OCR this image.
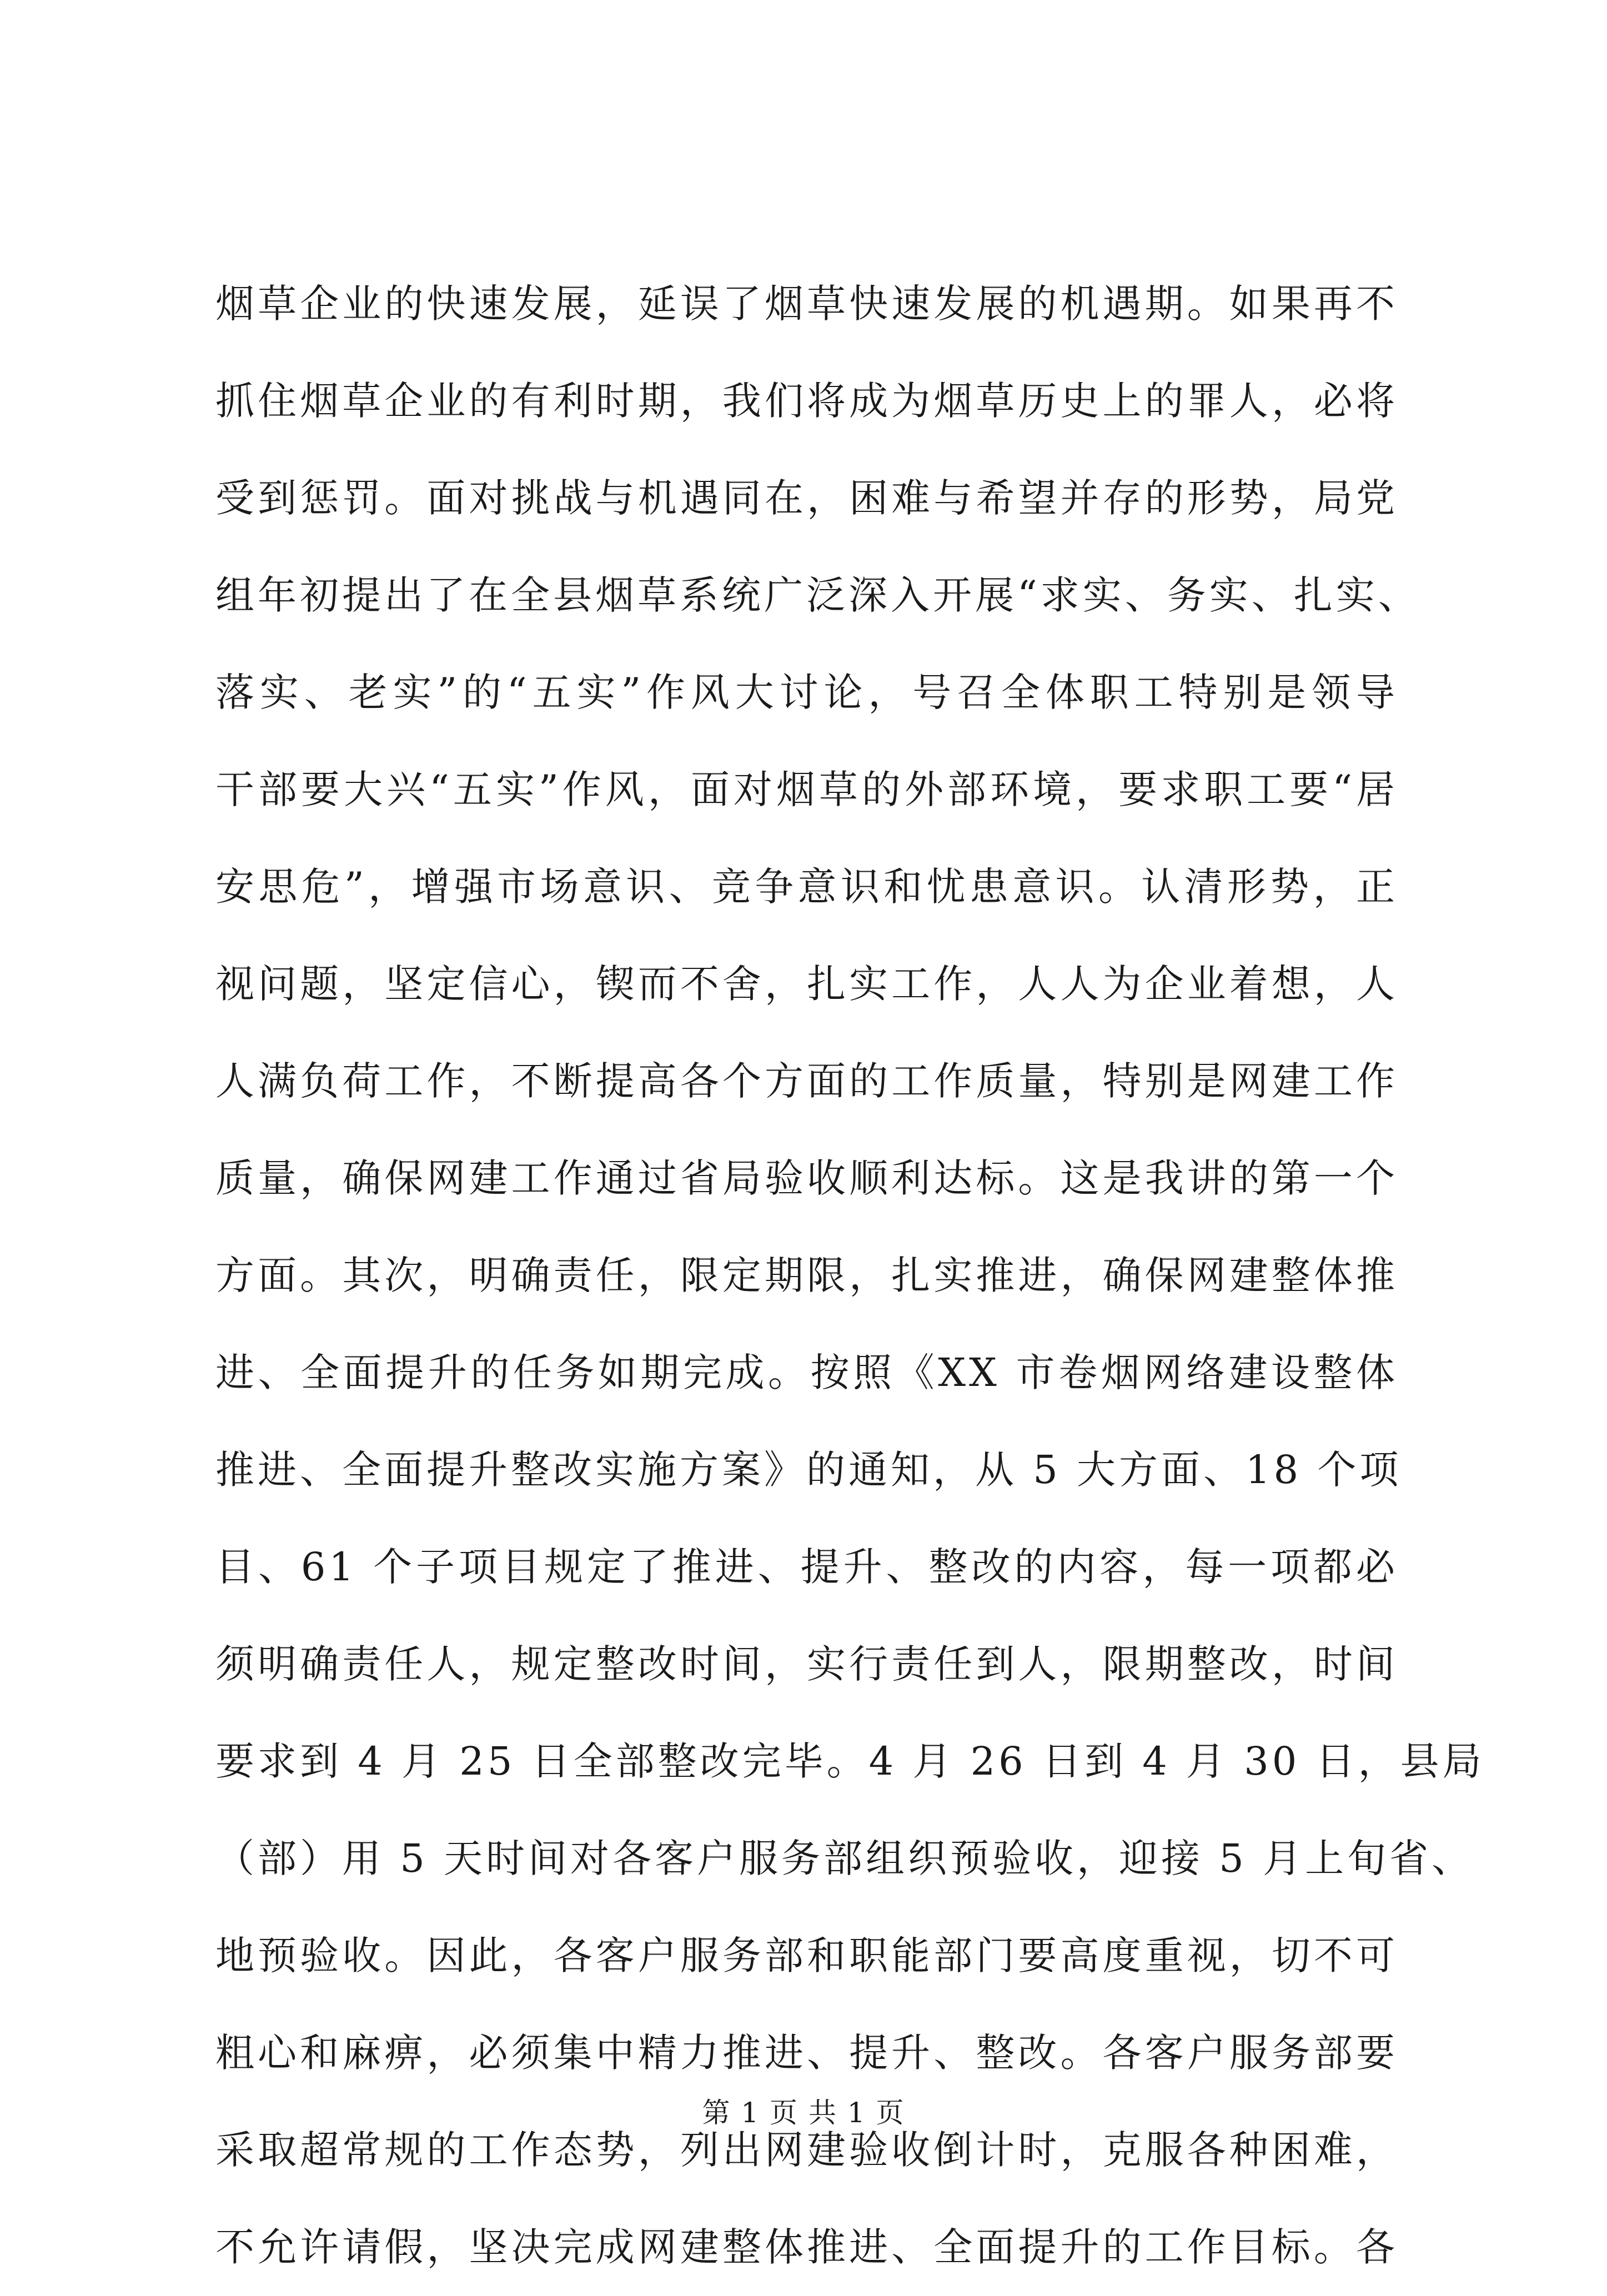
烟草企业的快速发展，延误了烟草快速发展的机遇期。如果再不
抓住烟草企业的有利时期，我们将成为烟草历史上的罪人，必将
受到惩罚。面对挑战与机遇同在，困难与希望并存的形势，局党
组年初提出了在全县烟草系统广泛深入开展“求实、务实、扎实、
落实、老实”的“五实”作风大讨论，号召全体职工特别是领导
干部要大兴“五实”作风，面对烟草的外部环境，要求职工要“居
安思危”，增强市场意识、竞争意识和忧患意识。认清形势，正
视问题，坚定信心，锲而不舍，扎实工作，人人为企业着想，人
人满负荷工作，不断提高各个方面的工作质量，特别是网建工作
质量，确保网建工作通过省局验收顺利达标。这是我讲的第一个
方面。其次，明确责任，限定期限，扎实推进，确保网建整体推
进、全面提升的任务如期完成。按照《XX 市卷烟网络建设整体
推进、全面提升整改实施方案》的通知，从 5 大方面、18 个项
目、61 个子项目规定了推进、提升、整改的内容，每一项都必
须明确责任人，规定整改时间，实行责任到人，限期整改，时间
要求到 4 月 25 日全部整改完毕。4 月 26 日到 4 月 30 日，县局
（部）用 5 天时间对各客户服务部组织预验收，迎接 5 月上旬省、
地预验收。因此，各客户服务部和职能部门要高度重视，切不可
粗心和麻痹，必须集中精力推进、提升、整改。各客户服务部要
采取超常规的工作态势，列出网建验收倒计时，克服各种困难，
不允许请假，坚决完成网建整体推进、全面提升的工作目标。各
第 1 页 共 1 页
